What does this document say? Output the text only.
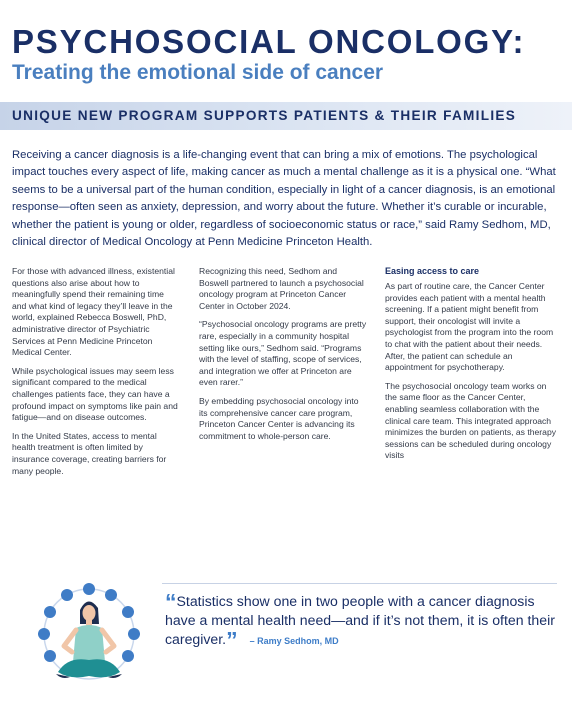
PSYCHOSOCIAL ONCOLOGY:
Treating the emotional side of cancer
UNIQUE NEW PROGRAM SUPPORTS PATIENTS & THEIR FAMILIES

Receiving a cancer diagnosis is a life-changing event that can bring a mix of emotions. The psychological impact touches every aspect of life, making cancer as much a mental challenge as it is a physical one. “What seems to be a universal part of the human condition, especially in light of a cancer diagnosis, is an emotional response—often seen as anxiety, depression, and worry about the future. Whether it’s curable or incurable, whether the patient is young or older, regardless of socioeconomic status or race,” said Ramy Sedhom, MD, clinical director of Medical Oncology at Penn Medicine Princeton Health.

For those with advanced illness, existential questions also arise about how to meaningfully spend their remaining time and what kind of legacy they’ll leave in the world, explained Rebecca Boswell, PhD, administrative director of Psychiatric Services at Penn Medicine Princeton Medical Center.

While psychological issues may seem less significant compared to the medical challenges patients face, they can have a profound impact on symptoms like pain and fatigue—and on disease outcomes.

In the United States, access to mental health treatment is often limited by insurance coverage, creating barriers for many people.

Recognizing this need, Sedhom and Boswell partnered to launch a psychosocial oncology program at Princeton Cancer Center in October 2024.

“Psychosocial oncology programs are pretty rare, especially in a community hospital setting like ours,” Sedhom said. “Programs with the level of staffing, scope of services, and integration we offer at Princeton are even rarer.”

By embedding psychosocial oncology into its comprehensive cancer care program, Princeton Cancer Center is advancing its commitment to whole-person care.

Easing access to care

As part of routine care, the Cancer Center provides each patient with a mental health screening. If a patient might benefit from support, their oncologist will invite a psychologist from the program into the room to chat with the patient about their needs. After, the patient can schedule an appointment for psychotherapy.

The psychosocial oncology team works on the same floor as the Cancer Center, enabling seamless collaboration with the clinical care team. This integrated approach minimizes the burden on patients, as therapy sessions can be scheduled during oncology visits

“Statistics show one in two people with a cancer diagnosis have a mental health need—and if it’s not them, it is often their caregiver.” – Ramy Sedhom, MD
